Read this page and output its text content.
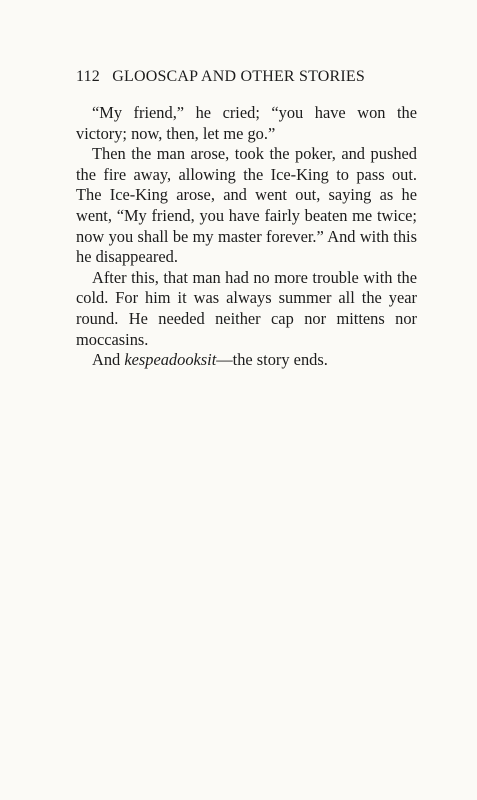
112 GLOOSCAP AND OTHER STORIES

“My friend,” he cried; “you have won the victory; now, then, let me go.”

Then the man arose, took the poker, and pushed the fire away, allowing the Ice-King to pass out. The Ice-King arose, and went out, saying as he went, “My friend, you have fairly beaten me twice; now you shall be my master forever.” And with this he disappeared.

After this, that man had no more trouble with the cold. For him it was always summer all the year round. He needed neither cap nor mittens nor moccasins.

And kespeadooksit—the story ends.
